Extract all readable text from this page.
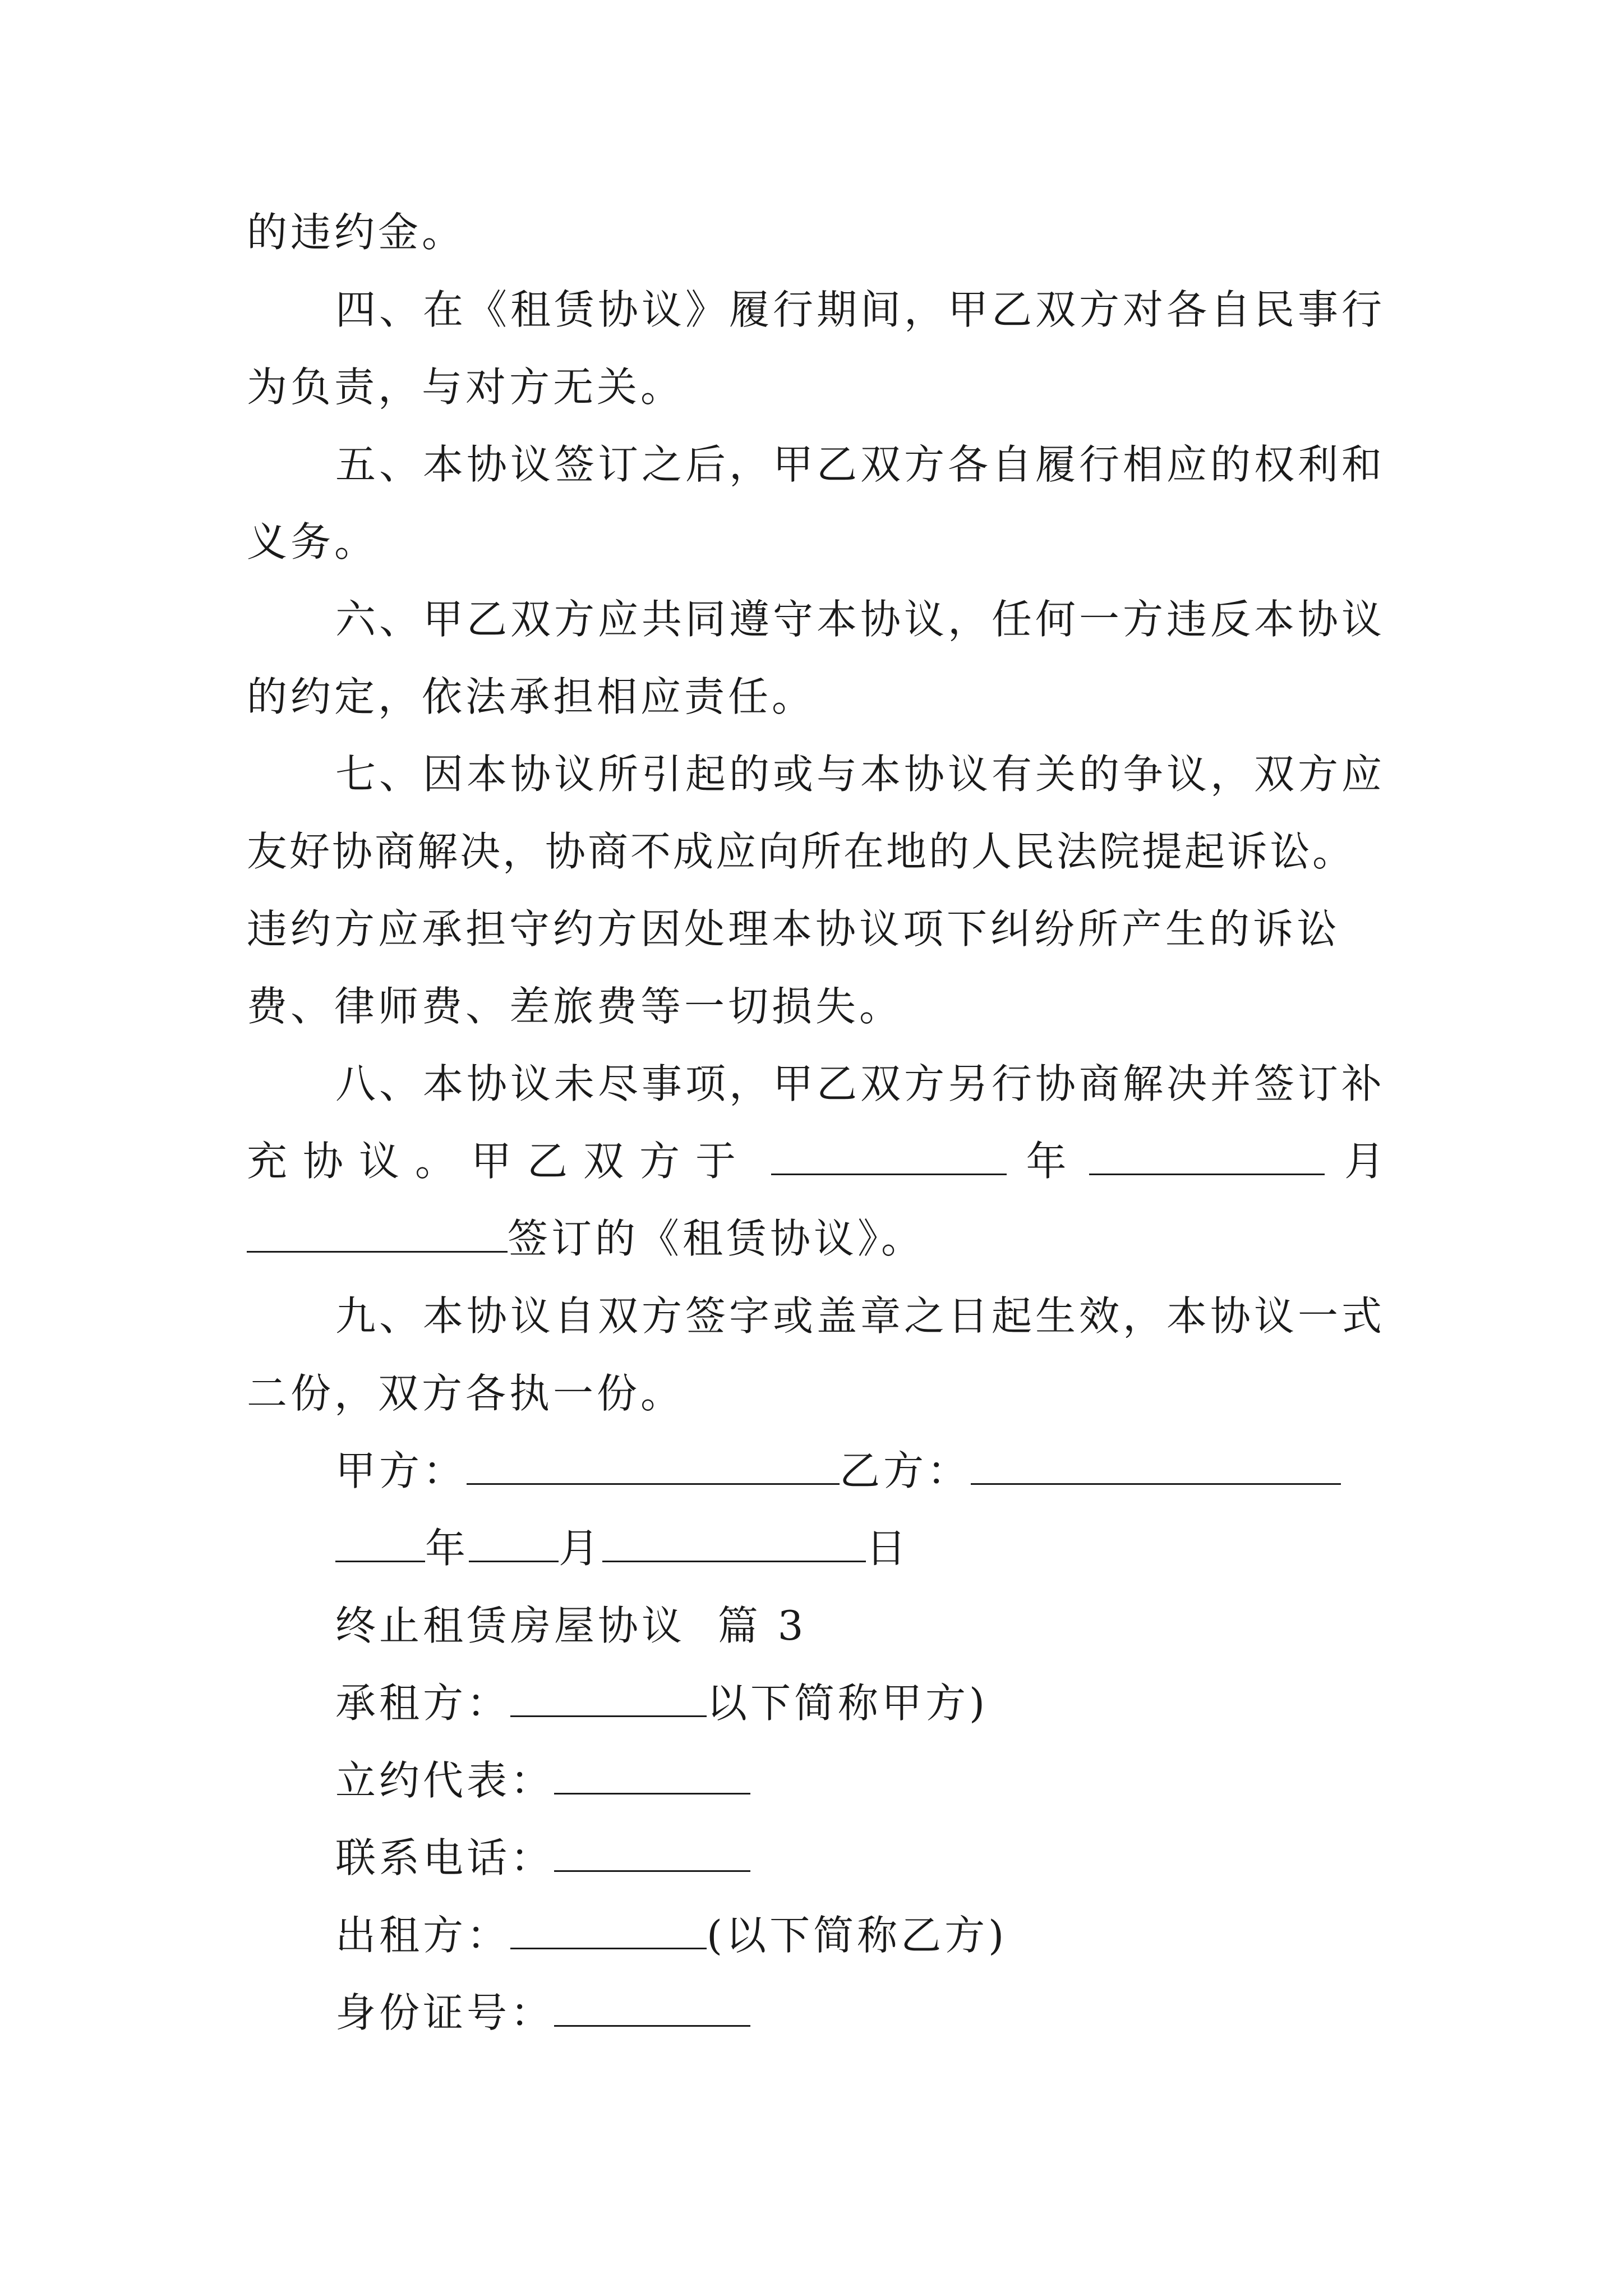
的违约金。
四、在《租赁协议》履行期间，甲乙双方对各自民事行
为负责，与对方无关。
五、本协议签订之后，甲乙双方各自履行相应的权利和
义务。
六、甲乙双方应共同遵守本协议，任何一方违反本协议
的约定，依法承担相应责任。
七、因本协议所引起的或与本协议有关的争议，双方应
友好协商解决，协商不成应向所在地的人民法院提起诉讼。
违约方应承担守约方因处理本协议项下纠纷所产生的诉讼
费、律师费、差旅费等一切损失。
八、本协议未尽事项，甲乙双方另行协商解决并签订补
充协议。甲乙双方于	年	月
签订的《租赁协议》。
九、本协议自双方签字或盖章之日起生效，本协议一式
二份，双方各执一份。
甲方：	乙方：
年 月	日
终止租赁房屋协议  篇 3
承租方：	以下简称甲方)
立约代表：
联系电话：
出租方：	(以下简称乙方)
身份证号：
